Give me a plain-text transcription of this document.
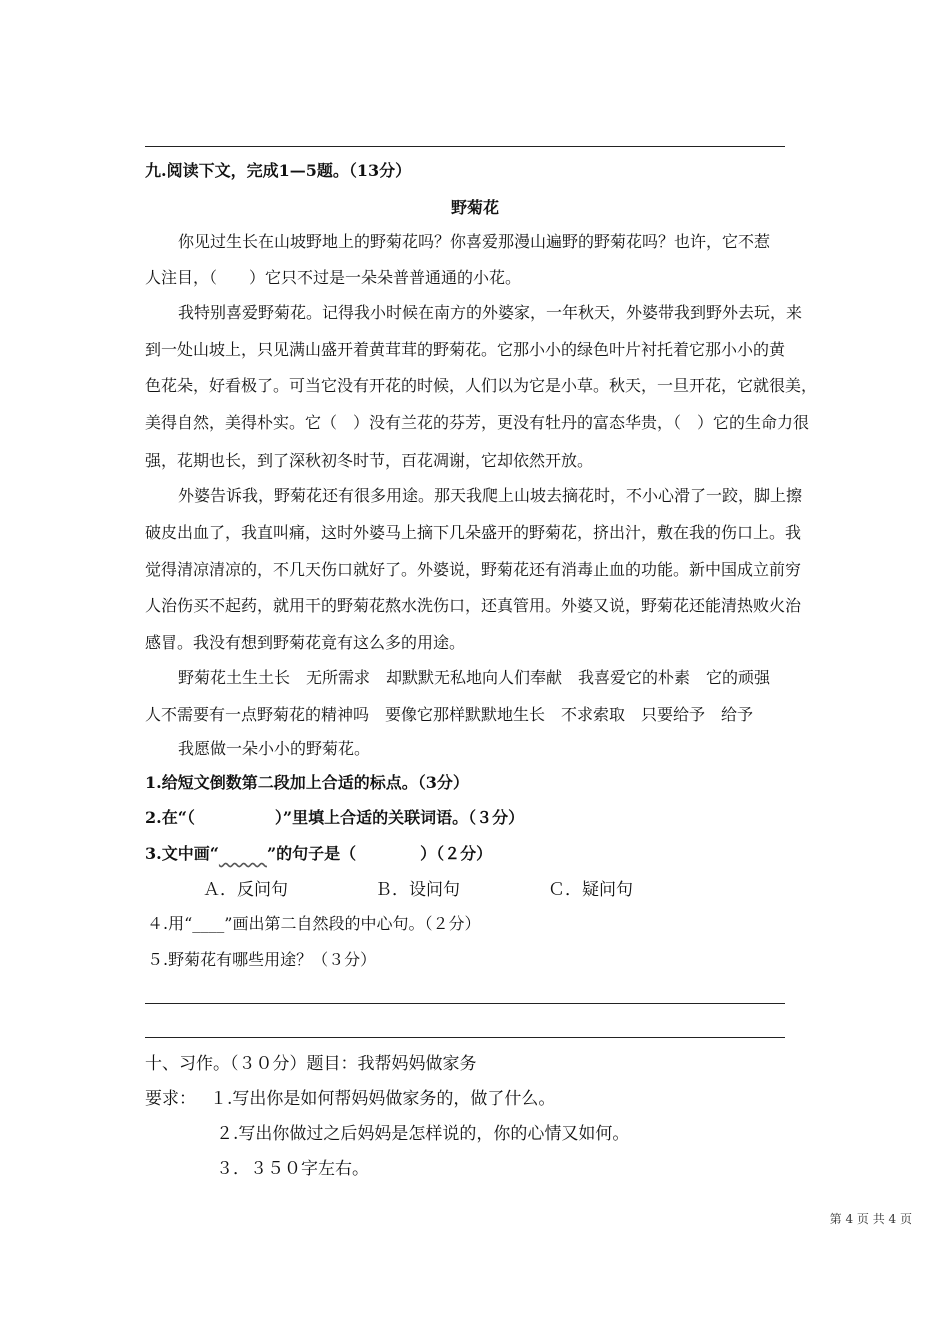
九.阅读下文，完成1—5题。（13分）
野菊花
你见过生长在山坡野地上的野菊花吗？你喜爱那漫山遍野的野菊花吗？也许，它不惹
人注目，（　　）它只不过是一朵朵普普通通的小花。
我特别喜爱野菊花。记得我小时候在南方的外婆家，一年秋天，外婆带我到野外去玩，来
到一处山坡上，只见满山盛开着黄茸茸的野菊花。它那小小的绿色叶片衬托着它那小小的黄
色花朵，好看极了。可当它没有开花的时候，人们以为它是小草。秋天，一旦开花，它就很美，
美得自然，美得朴实。它（　）没有兰花的芬芳，更没有牡丹的富态华贵，（　）它的生命力很
强，花期也长，到了深秋初冬时节，百花凋谢，它却依然开放。
外婆告诉我，野菊花还有很多用途。那天我爬上山坡去摘花时，不小心滑了一跤，脚上擦
破皮出血了，我直叫痛，这时外婆马上摘下几朵盛开的野菊花，挤出汁，敷在我的伤口上。我
觉得清凉清凉的，不几天伤口就好了。外婆说，野菊花还有消毒止血的功能。新中国成立前穷
人治伤买不起药，就用干的野菊花熬水洗伤口，还真管用。外婆又说，野菊花还能清热败火治
感冒。我没有想到野菊花竟有这么多的用途。
野菊花土生土长　无所需求　却默默无私地向人们奉献　我喜爱它的朴素　它的顽强
人不需要有一点野菊花的精神吗　要像它那样默默地生长　不求索取　只要给予　给予
我愿做一朵小小的野菊花。
1.给短文倒数第二段加上合适的标点。（3分）
2.在“（　　　　　）”里填上合适的关联词语。（３分）
3.文中画“	”的句子是（　　　　）（２分）
Ａ．反问句	Ｂ．设问句	Ｃ．疑问句
４.用“____”画出第二自然段的中心句。（２分）
５.野菊花有哪些用途？（３分）
十、习作。（３０分）题目：我帮妈妈做家务
要求： １.写出你是如何帮妈妈做家务的，做了什么。
２.写出你做过之后妈妈是怎样说的，你的心情又如何。
３．３５０字左右。
第 4 页 共 4 页
